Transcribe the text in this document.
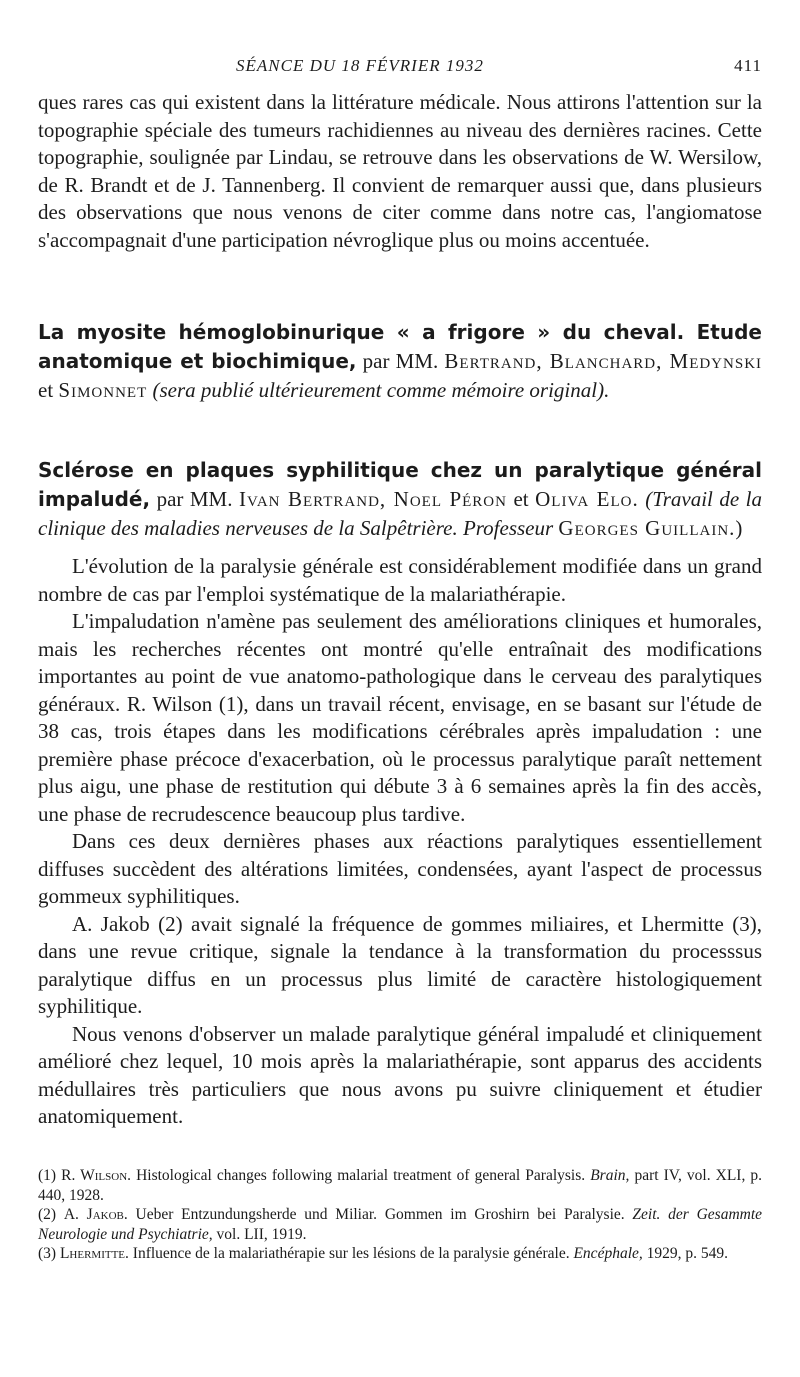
SÉANCE DU 18 FÉVRIER 1932	411

ques rares cas qui existent dans la littérature médicale. Nous attirons l'attention sur la topographie spéciale des tumeurs rachidiennes au niveau des dernières racines. Cette topographie, soulignée par Lindau, se retrouve dans les observations de W. Wersilow, de R. Brandt et de J. Tannenberg. Il convient de remarquer aussi que, dans plusieurs des observations que nous venons de citer comme dans notre cas, l'angiomatose s'accompagnait d'une participation névroglique plus ou moins accentuée.

La myosite hémoglobinurique « a frigore » du cheval. Etude anatomique et biochimique, par MM. Bertrand, Blanchard, Medynski et Simonnet (sera publié ultérieurement comme mémoire original).
Sclérose en plaques syphilitique chez un paralytique général impaludé, par MM. Ivan Bertrand, Noel Péron et Oliva Elo. (Travail de la clinique des maladies nerveuses de la Salpêtrière. Professeur Georges Guillain.)

L'évolution de la paralysie générale est considérablement modifiée dans un grand nombre de cas par l'emploi systématique de la malariathérapie.

L'impaludation n'amène pas seulement des améliorations cliniques et humorales, mais les recherches récentes ont montré qu'elle entraînait des modifications importantes au point de vue anatomo-pathologique dans le cerveau des paralytiques généraux. R. Wilson (1), dans un travail récent, envisage, en se basant sur l'étude de 38 cas, trois étapes dans les modifications cérébrales après impaludation : une première phase précoce d'exacerbation, où le processus paralytique paraît nettement plus aigu, une phase de restitution qui débute 3 à 6 semaines après la fin des accès, une phase de recrudescence beaucoup plus tardive.

Dans ces deux dernières phases aux réactions paralytiques essentiellement diffuses succèdent des altérations limitées, condensées, ayant l'aspect de processus gommeux syphilitiques.

A. Jakob (2) avait signalé la fréquence de gommes miliaires, et Lhermitte (3), dans une revue critique, signale la tendance à la transformation du processsus paralytique diffus en un processus plus limité de caractère histologiquement syphilitique.

Nous venons d'observer un malade paralytique général impaludé et cliniquement amélioré chez lequel, 10 mois après la malariathérapie, sont apparus des accidents médullaires très particuliers que nous avons pu suivre cliniquement et étudier anatomiquement.

(1) R. Wilson. Histological changes following malarial treatment of general Paralysis. Brain, part IV, vol. XLI, p. 440, 1928.

(2) A. Jakob. Ueber Entzundungsherde und Miliar. Gommen im Groshirn bei Paralysie. Zeit. der Gesammte Neurologie und Psychiatrie, vol. LII, 1919.

(3) Lhermitte. Influence de la malariathérapie sur les lésions de la paralysie générale. Encéphale, 1929, p. 549.
